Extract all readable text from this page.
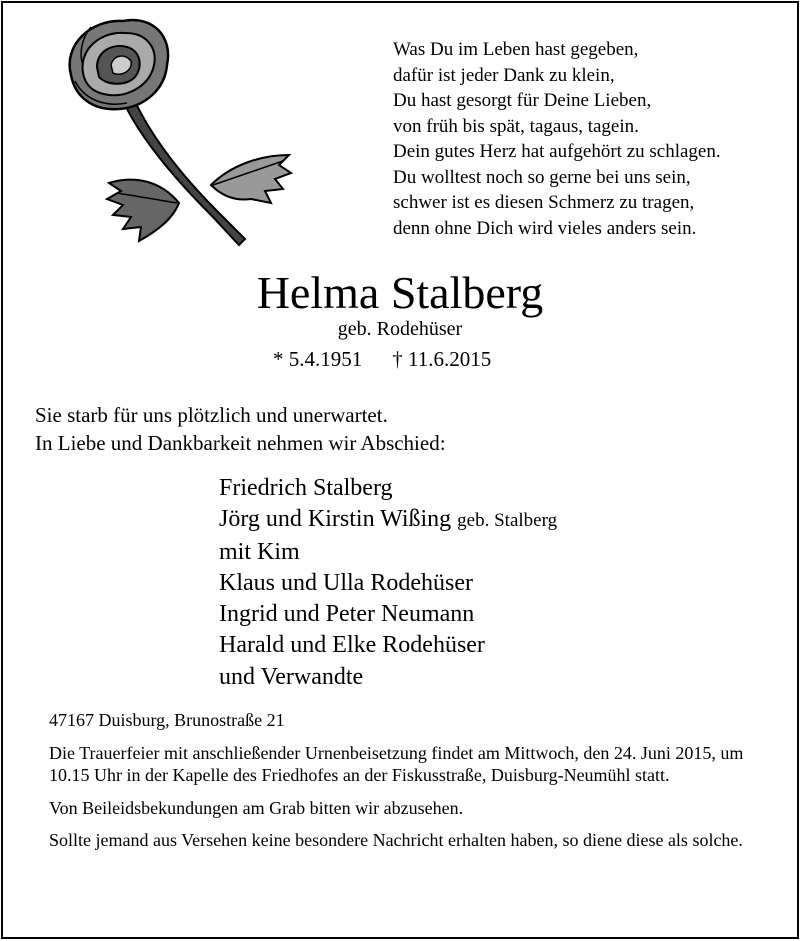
Was Du im Leben hast gegeben,
dafür ist jeder Dank zu klein,
Du hast gesorgt für Deine Lieben,
von früh bis spät, tagaus, tagein.
Dein gutes Herz hat aufgehört zu schlagen.
Du wolltest noch so gerne bei uns sein,
schwer ist es diesen Schmerz zu tragen,
denn ohne Dich wird vieles anders sein.
Helma Stalberg
geb. Rodehüser
* 5.4.1951 † 11.6.2015
Sie starb für uns plötzlich und unerwartet.
In Liebe und Dankbarkeit nehmen wir Abschied:
Friedrich Stalberg
Jörg und Kirstin Wißing geb. Stalberg
mit Kim
Klaus und Ulla Rodehüser
Ingrid und Peter Neumann
Harald und Elke Rodehüser
und Verwandte

47167 Duisburg, Brunostraße 21

Die Trauerfeier mit anschließender Urnenbeisetzung findet am Mittwoch, den 24. Juni 2015, um 10.15 Uhr in der Kapelle des Friedhofes an der Fiskusstraße, Duisburg-Neumühl statt.

Von Beileidsbekundungen am Grab bitten wir abzusehen.

Sollte jemand aus Versehen keine besondere Nachricht erhalten haben, so diene diese als solche.
